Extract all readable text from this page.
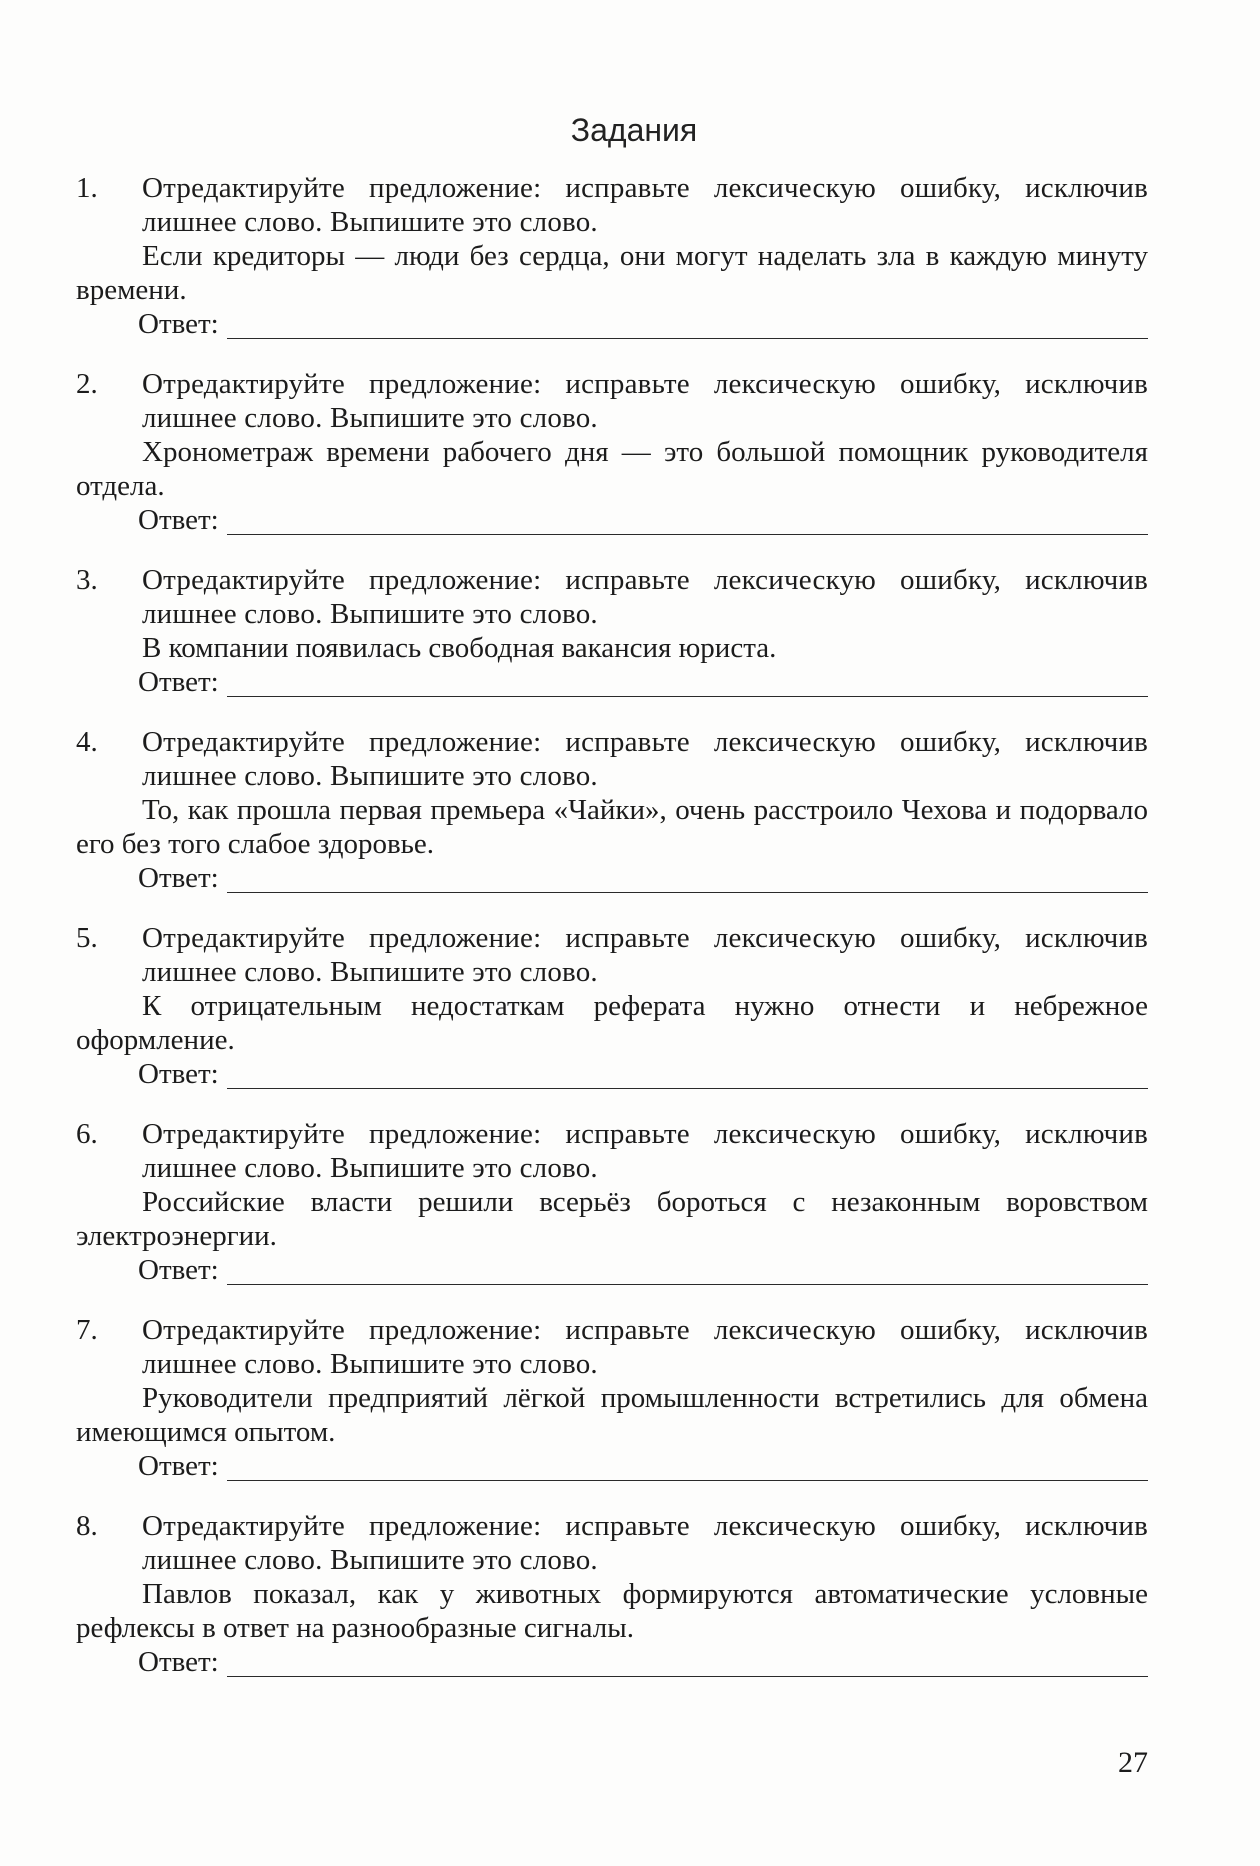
Задания
1.	Отредактируйте предложение: исправьте лексическую ошибку, исключив лишнее слово. Выпишите это слово.
Если кредиторы — люди без сердца, они могут наделать зла в каждую минуту времени.
Ответ:
2.	Отредактируйте предложение: исправьте лексическую ошибку, исключив лишнее слово. Выпишите это слово.
Хронометраж времени рабочего дня — это большой помощник руководителя отдела.
Ответ:
3.	Отредактируйте предложение: исправьте лексическую ошибку, исключив лишнее слово. Выпишите это слово.
В компании появилась свободная вакансия юриста.
Ответ:
4.	Отредактируйте предложение: исправьте лексическую ошибку, исключив лишнее слово. Выпишите это слово.
То, как прошла первая премьера «Чайки», очень расстроило Чехова и подорвало его без того слабое здоровье.
Ответ:
5.	Отредактируйте предложение: исправьте лексическую ошибку, исключив лишнее слово. Выпишите это слово.
К отрицательным недостаткам реферата нужно отнести и небрежное оформление.
Ответ:
6.	Отредактируйте предложение: исправьте лексическую ошибку, исключив лишнее слово. Выпишите это слово.
Российские власти решили всерьёз бороться с незаконным воровством электроэнергии.
Ответ:
7.	Отредактируйте предложение: исправьте лексическую ошибку, исключив лишнее слово. Выпишите это слово.
Руководители предприятий лёгкой промышленности встретились для обмена имеющимся опытом.
Ответ:
8.	Отредактируйте предложение: исправьте лексическую ошибку, исключив лишнее слово. Выпишите это слово.
Павлов показал, как у животных формируются автоматические условные рефлексы в ответ на разнообразные сигналы.
Ответ:
27
